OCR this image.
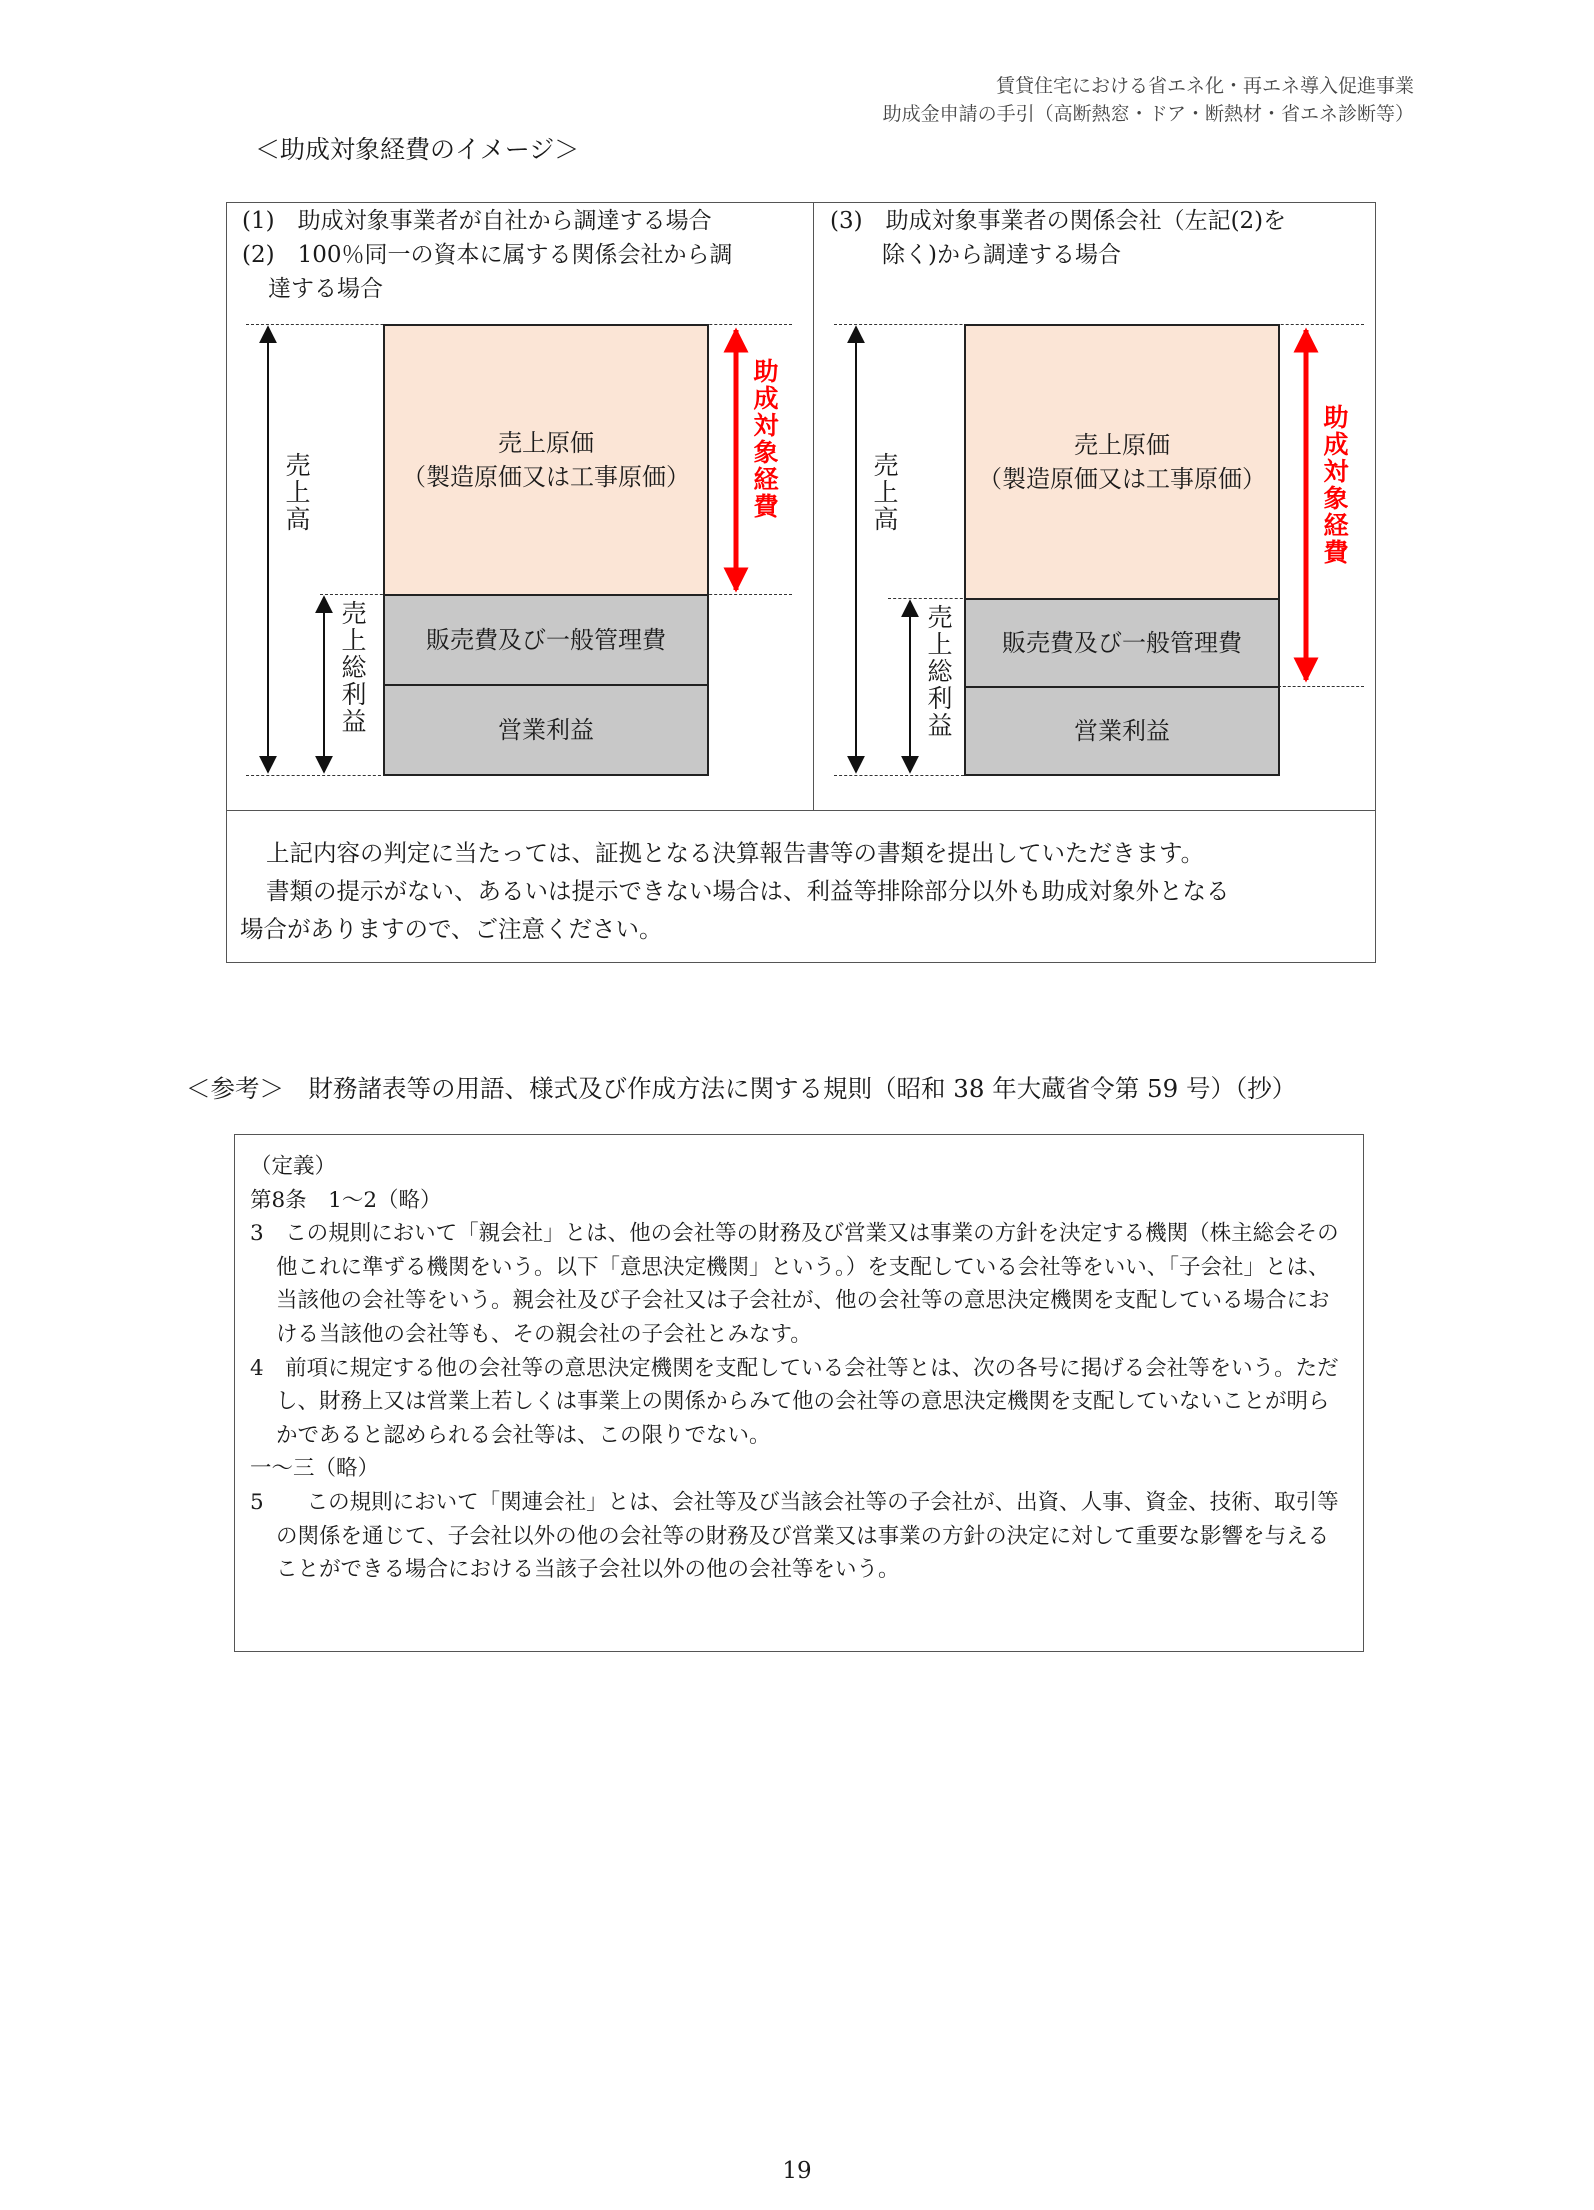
賃貸住宅における省エネ化・再エネ導入促進事業
助成金申請の手引（高断熱窓・ドア・断熱材・省エネ診断等）
＜助成対象経費のイメージ＞
(1)　助成対象事業者が自社から調達する場合
(2)　100％同一の資本に属する関係会社から調
達する場合
(3)　助成対象事業者の関係会社（左記(2)を
除く)から調達する場合
売上原価
（製造原価又は工事原価）
販売費及び一般管理費
営業利益
売上高
売上総利益
助成対象経費	売上原価
（製造原価又は工事原価）
販売費及び一般管理費
営業利益
売上高
売上総利益
助成対象経費

上記内容の判定に当たっては、証拠となる決算報告書等の書類を提出していただきます。

書類の提示がない、あるいは提示できない場合は、利益等排除部分以外も助成対象外となる

場合がありますので、ご注意ください。

＜参考＞　財務諸表等の用語、様式及び作成方法に関する規則（昭和 38 年大蔵省令第 59 号）（抄）

（定義）

第8条　1～2（略）

3　この規則において「親会社」とは、他の会社等の財務及び営業又は事業の方針を決定する機関（株主総会その他これに準ずる機関をいう。以下「意思決定機関」という。）を支配している会社等をいい、「子会社」とは、当該他の会社等をいう。親会社及び子会社又は子会社が、他の会社等の意思決定機関を支配している場合における当該他の会社等も、その親会社の子会社とみなす。

4　前項に規定する他の会社等の意思決定機関を支配している会社等とは、次の各号に掲げる会社等をいう。ただし、財務上又は営業上若しくは事業上の関係からみて他の会社等の意思決定機関を支配していないことが明らかであると認められる会社等は、この限りでない。

一～三（略）

5　　この規則において「関連会社」とは、会社等及び当該会社等の子会社が、出資、人事、資金、技術、取引等の関係を通じて、子会社以外の他の会社等の財務及び営業又は事業の方針の決定に対して重要な影響を与えることができる場合における当該子会社以外の他の会社等をいう。

19
